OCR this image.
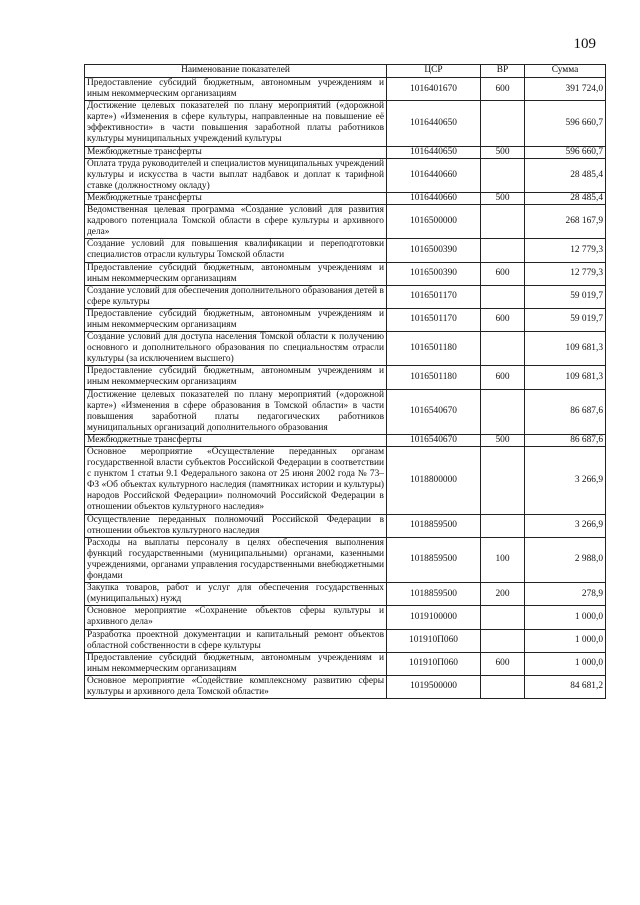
109
Наименование показателей	ЦСР	ВР	Сумма
Предоставление субсидий бюджетным, автономным учреждениям и иным некоммерческим организациям	1016401670	600	391 724,0
Достижение целевых показателей по плану мероприятий («дорожной карте») «Изменения в сфере культуры, направленные на повышение её эффективности» в части повышения заработной платы работников культуры муниципальных учреждений культуры	1016440650		596 660,7
Межбюджетные трансферты	1016440650	500	596 660,7
Оплата труда руководителей и специалистов муниципальных учреждений культуры и искусства в части выплат надбавок и доплат к тарифной ставке (должностному окладу)	1016440660		28 485,4
Межбюджетные трансферты	1016440660	500	28 485,4
Ведомственная целевая программа «Создание условий для развития кадрового потенциала Томской области в сфере культуры и архивного дела»	1016500000		268 167,9
Создание условий для повышения квалификации и переподготовки специалистов отрасли культуры Томской области	1016500390		12 779,3
Предоставление субсидий бюджетным, автономным учреждениям и иным некоммерческим организациям	1016500390	600	12 779,3
Создание условий для обеспечения дополнительного образования детей в сфере культуры	1016501170		59 019,7
Предоставление субсидий бюджетным, автономным учреждениям и иным некоммерческим организациям	1016501170	600	59 019,7
Создание условий для доступа населения Томской области к получению основного и дополнительного образования по специальностям отрасли культуры (за исключением высшего)	1016501180		109 681,3
Предоставление субсидий бюджетным, автономным учреждениям и иным некоммерческим организациям	1016501180	600	109 681,3
Достижение целевых показателей по плану мероприятий («дорожной карте») «Изменения в сфере образования в Томской области» в части повышения заработной платы педагогических работников муниципальных организаций дополнительного образования	1016540670		86 687,6
Межбюджетные трансферты	1016540670	500	86 687,6
Основное мероприятие «Осуществление переданных органам государственной власти субъектов Российской Федерации в соответствии с пунктом 1 статьи 9.1 Федерального закона от 25 июня 2002 года № 73–ФЗ «Об объектах культурного наследия (памятниках истории и культуры) народов Российской Федерации» полномочий Российской Федерации в отношении объектов культурного наследия»	1018800000		3 266,9
Осуществление переданных полномочий Российской Федерации в отношении объектов культурного наследия	1018859500		3 266,9
Расходы на выплаты персоналу в целях обеспечения выполнения функций государственными (муниципальными) органами, казенными учреждениями, органами управления государственными внебюджетными фондами	1018859500	100	2 988,0
Закупка товаров, работ и услуг для обеспечения государственных (муниципальных) нужд	1018859500	200	278,9
Основное мероприятие «Сохранение объектов сферы культуры и архивного дела»	1019100000		1 000,0
Разработка проектной документации и капитальный ремонт объектов областной собственности в сфере культуры	101910П060		1 000,0
Предоставление субсидий бюджетным, автономным учреждениям и иным некоммерческим организациям	101910П060	600	1 000,0
Основное мероприятие «Содействие комплексному развитию сферы культуры и архивного дела Томской области»	1019500000		84 681,2
